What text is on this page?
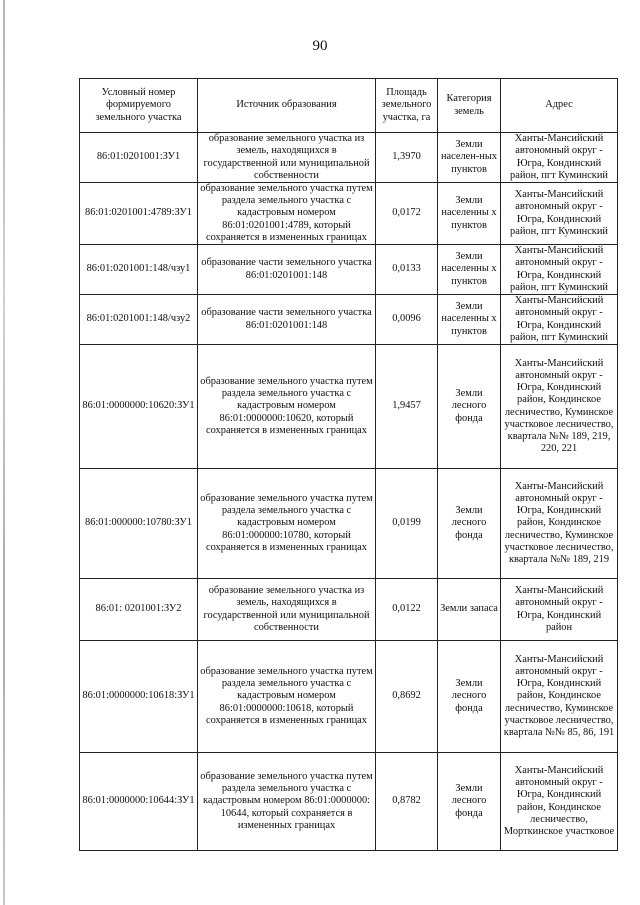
90
Условный номер формируемого земельного участка	Источник образования	Площадь земельного участка, га	Категория земель	Адрес
86:01:0201001:ЗУ1	образование земельного участка из земель, находящихся в государственной или муниципальной собственности	1,3970	Земли населен-ных пунктов	Ханты-Мансийский автономный округ - Югра, Кондинский район, пгт Куминский
86:01:0201001:4789:ЗУ1	образование земельного участка путем раздела земельного участка с кадастровым номером 86:01:0201001:4789, который сохраняется в измененных границах	0,0172	Земли населенны х пунктов	Ханты-Мансийский автономный округ - Югра, Кондинский район, пгт Куминский
86:01:0201001:148/чзу1	образование части земельного участка 86:01:0201001:148	0,0133	Земли населенны х пунктов	Ханты-Мансийский автономный округ - Югра, Кондинский район, пгт Куминский
86:01:0201001:148/чзу2	образование части земельного участка 86:01:0201001:148	0,0096	Земли населенны х пунктов	Ханты-Мансийский автономный округ - Югра, Кондинский район, пгт Куминский
86:01:0000000:10620:ЗУ1	образование земельного участка путем раздела земельного участка с кадастровым номером 86:01:0000000:10620, который сохраняется в измененных границах	1,9457	Земли лесного фонда	Ханты-Мансийский автономный округ - Югра, Кондинский район, Кондинское лесничество, Куминское участковое лесничество, квартала №№ 189, 219, 220, 221
86:01:000000:10780:ЗУ1	образование земельного участка путем раздела земельного участка с кадастровым номером 86:01:000000:10780, который сохраняется в измененных границах	0,0199	Земли лесного фонда	Ханты-Мансийский автономный округ - Югра, Кондинский район, Кондинское лесничество, Куминское участковое лесничество, квартала №№ 189, 219
86:01: 0201001:ЗУ2	образование земельного участка из земель, находящихся в государственной или муниципальной собственности	0,0122	Земли запаса	Ханты-Мансийский автономный округ - Югра, Кондинский район
86:01:0000000:10618:ЗУ1	образование земельного участка путем раздела земельного участка с кадастровым номером 86:01:0000000:10618, который сохраняется в измененных границах	0,8692	Земли лесного фонда	Ханты-Мансийский автономный округ - Югра, Кондинский район, Кондинское лесничество, Куминское участковое лесничество, квартала №№ 85, 86, 191
86:01:0000000:10644:ЗУ1	образование земельного участка путем раздела земельного участка с кадастровым номером 86:01:0000000: 10644, который сохраняется в измененных границах	0,8782	Земли лесного фонда	Ханты-Мансийский автономный округ - Югра, Кондинский район, Кондинское лесничество, Морткинское участковое
